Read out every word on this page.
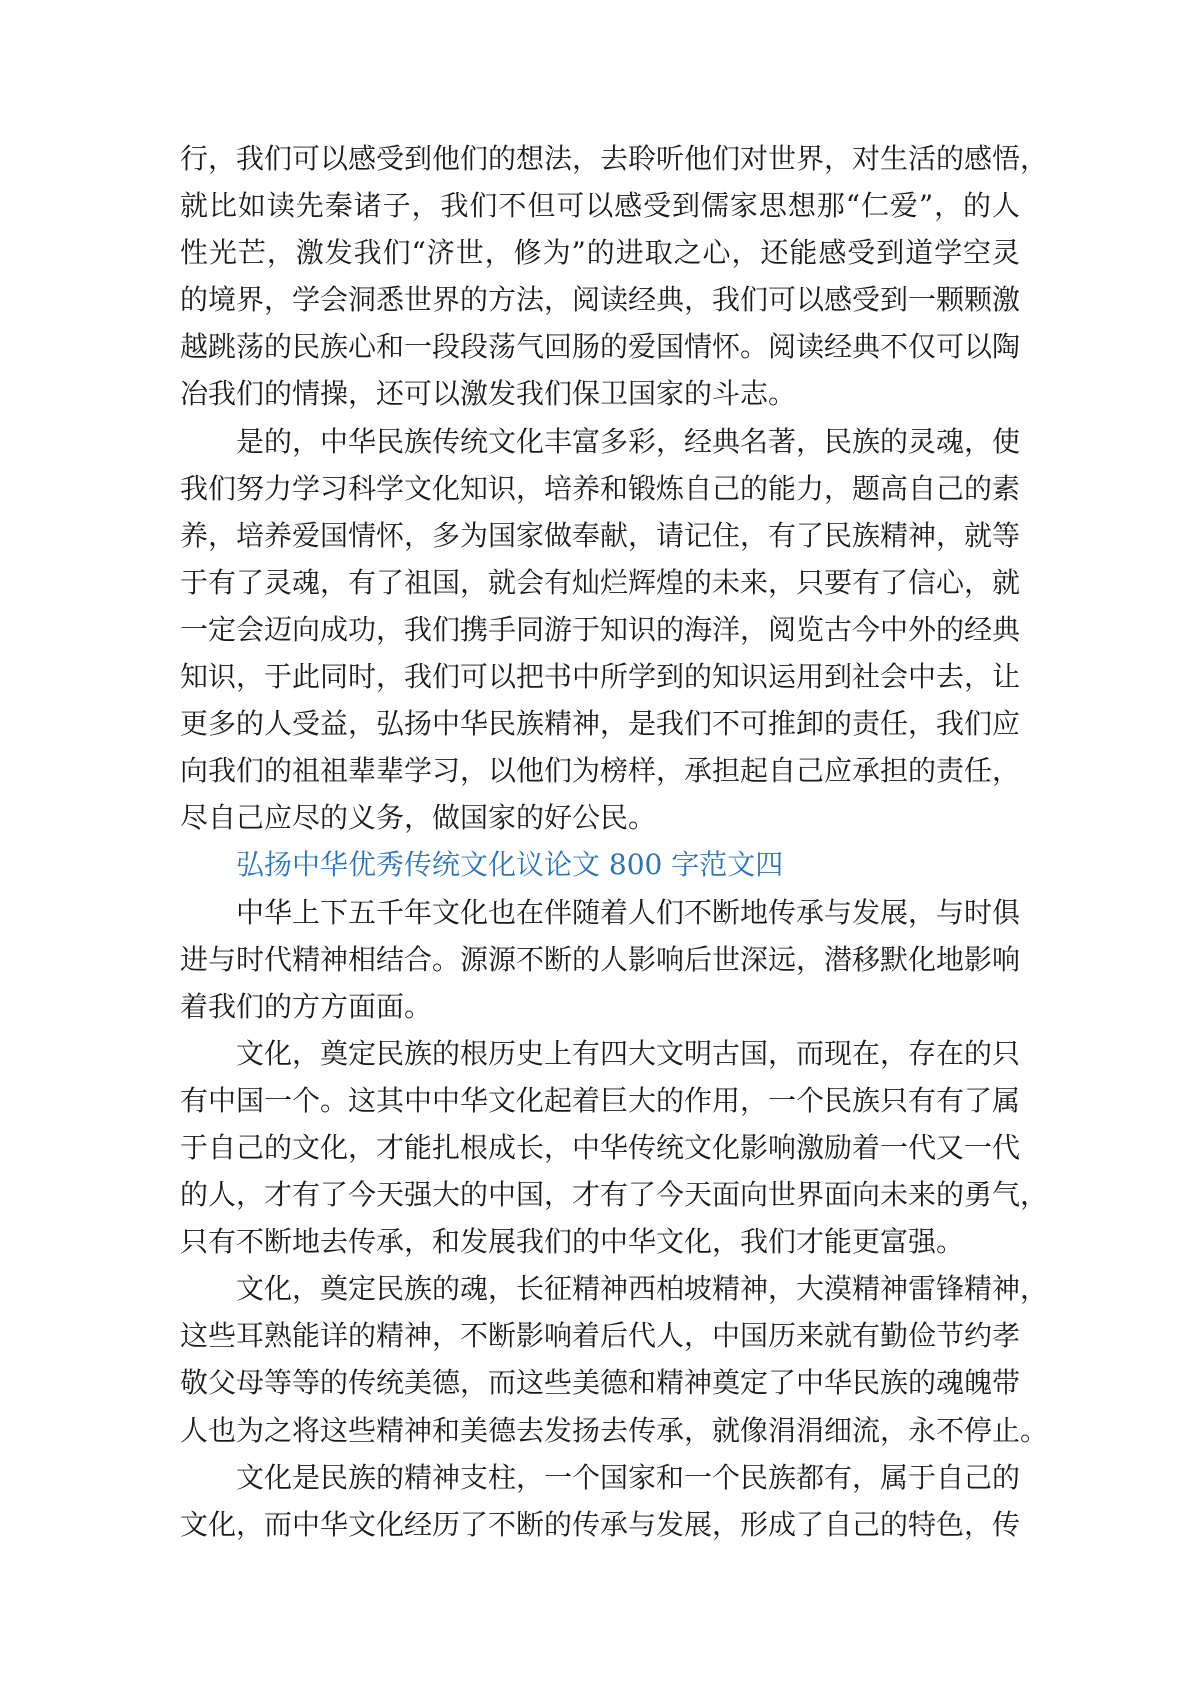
行，我们可以感受到他们的想法，去聆听他们对世界，对生活的感悟，
就比如读先秦诸子，我们不但可以感受到儒家思想那“仁爱”，的人
性光芒，激发我们“济世，修为”的进取之心，还能感受到道学空灵
的境界，学会洞悉世界的方法，阅读经典，我们可以感受到一颗颗激
越跳荡的民族心和一段段荡气回肠的爱国情怀。阅读经典不仅可以陶
冶我们的情操，还可以激发我们保卫国家的斗志。
是的，中华民族传统文化丰富多彩，经典名著，民族的灵魂，使
我们努力学习科学文化知识，培养和锻炼自己的能力，题高自己的素
养，培养爱国情怀，多为国家做奉献，请记住，有了民族精神，就等
于有了灵魂，有了祖国，就会有灿烂辉煌的未来，只要有了信心，就
一定会迈向成功，我们携手同游于知识的海洋，阅览古今中外的经典
知识，于此同时，我们可以把书中所学到的知识运用到社会中去，让
更多的人受益，弘扬中华民族精神，是我们不可推卸的责任，我们应
向我们的祖祖辈辈学习，以他们为榜样，承担起自己应承担的责任，
尽自己应尽的义务，做国家的好公民。
弘扬中华优秀传统文化议论文 800 字范文四
中华上下五千年文化也在伴随着人们不断地传承与发展，与时俱
进与时代精神相结合。源源不断的人影响后世深远，潜移默化地影响
着我们的方方面面。
文化，奠定民族的根历史上有四大文明古国，而现在，存在的只
有中国一个。这其中中华文化起着巨大的作用，一个民族只有有了属
于自己的文化，才能扎根成长，中华传统文化影响激励着一代又一代
的人，才有了今天强大的中国，才有了今天面向世界面向未来的勇气，
只有不断地去传承，和发展我们的中华文化，我们才能更富强。
文化，奠定民族的魂，长征精神西柏坡精神，大漠精神雷锋精神，
这些耳熟能详的精神，不断影响着后代人，中国历来就有勤俭节约孝
敬父母等等的传统美德，而这些美德和精神奠定了中华民族的魂魄带
人也为之将这些精神和美德去发扬去传承，就像涓涓细流，永不停止。
文化是民族的精神支柱，一个国家和一个民族都有，属于自己的
文化，而中华文化经历了不断的传承与发展，形成了自己的特色，传
